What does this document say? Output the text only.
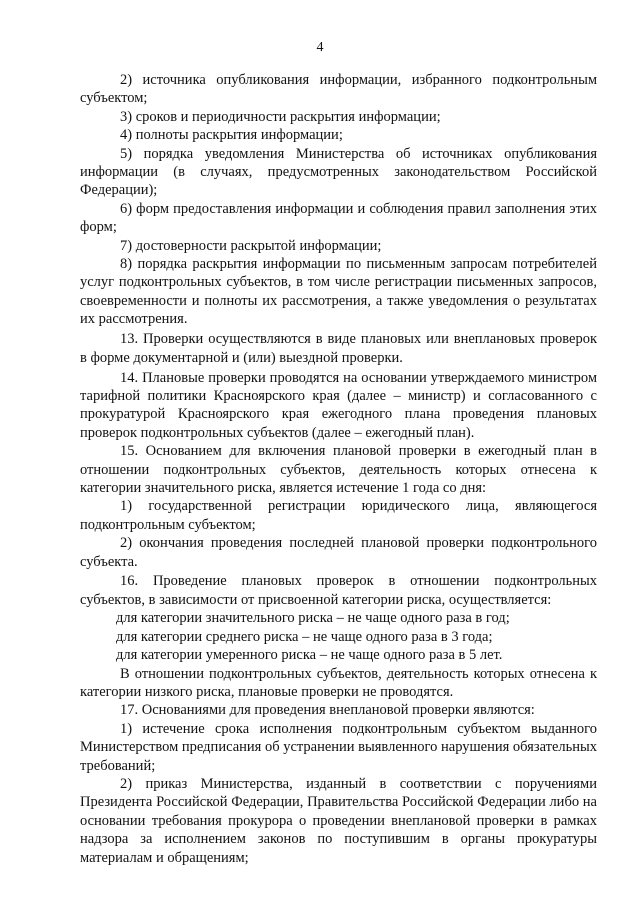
4

2) источника опубликования информации, избранного подконтрольным субъектом;

3) сроков и периодичности раскрытия информации;

4) полноты раскрытия информации;

5) порядка уведомления Министерства об источниках опубликования информации (в случаях, предусмотренных законодательством Российской Федерации);

6) форм предоставления информации и соблюдения правил заполнения этих форм;

7) достоверности раскрытой информации;

8) порядка раскрытия информации по письменным запросам потребителей услуг подконтрольных субъектов, в том числе регистрации письменных запросов, своевременности и полноты их рассмотрения, а также уведомления о результатах их рассмотрения.

13. Проверки осуществляются в виде плановых или внеплановых проверок в форме документарной и (или) выездной проверки.

14. Плановые проверки проводятся на основании утверждаемого министром тарифной политики Красноярского края (далее – министр) и согласованного с прокуратурой Красноярского края ежегодного плана проведения плановых проверок подконтрольных субъектов (далее – ежегодный план).

15. Основанием для включения плановой проверки в ежегодный план в отношении подконтрольных субъектов, деятельность которых отнесена к категории значительного риска, является истечение 1 года со дня:

1) государственной регистрации юридического лица, являющегося подконтрольным субъектом;

2) окончания проведения последней плановой проверки подконтрольного субъекта.

16. Проведение плановых проверок в отношении подконтрольных субъектов, в зависимости от присвоенной категории риска, осуществляется:

для категории значительного риска – не чаще одного раза в год;

для категории среднего риска – не чаще одного раза в 3 года;

для категории умеренного риска – не чаще одного раза в 5 лет.

В отношении подконтрольных субъектов, деятельность которых отнесена к категории низкого риска, плановые проверки не проводятся.

17. Основаниями для проведения внеплановой проверки являются:

1) истечение срока исполнения подконтрольным субъектом выданного Министерством предписания об устранении выявленного нарушения обязательных требований;

2) приказ Министерства, изданный в соответствии с поручениями Президента Российской Федерации, Правительства Российской Федерации либо на основании требования прокурора о проведении внеплановой проверки в рамках надзора за исполнением законов по поступившим в органы прокуратуры материалам и обращениям;
